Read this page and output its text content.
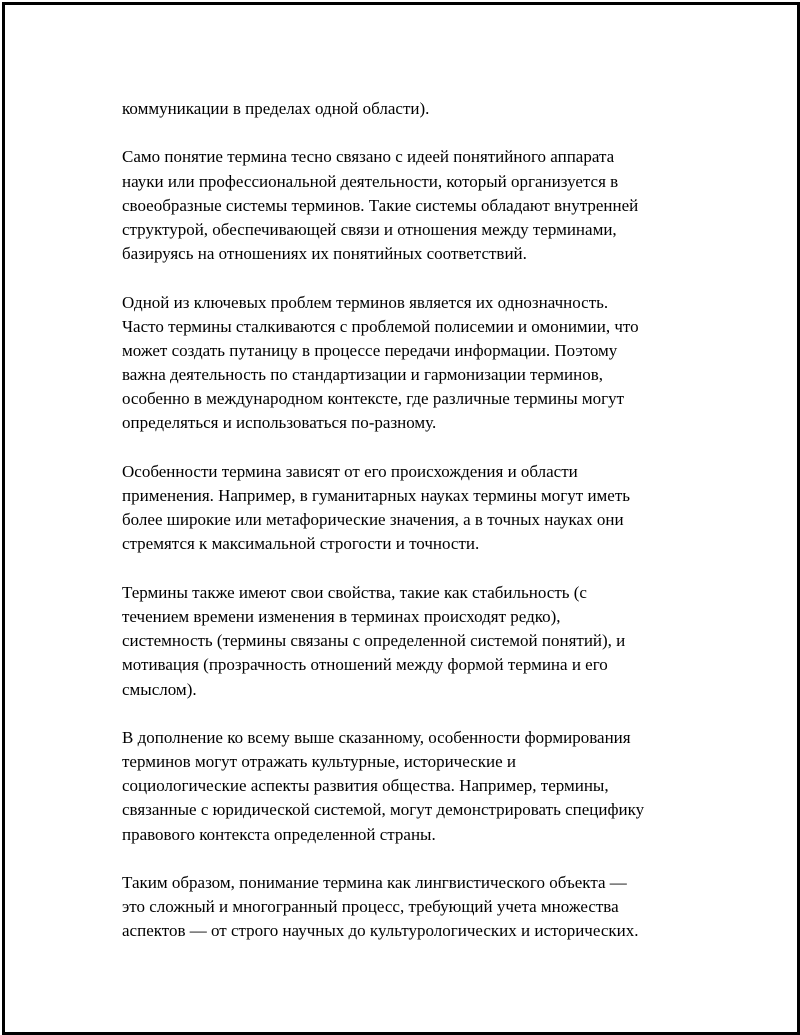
коммуникации в пределах одной области).
Само понятие термина тесно связано с идеей понятийного аппарата
науки или профессиональной деятельности, который организуется в
своеобразные системы терминов. Такие системы обладают внутренней
структурой, обеспечивающей связи и отношения между терминами,
базируясь на отношениях их понятийных соответствий.
Одной из ключевых проблем терминов является их однозначность.
Часто термины сталкиваются с проблемой полисемии и омонимии, что
может создать путаницу в процессе передачи информации. Поэтому
важна деятельность по стандартизации и гармонизации терминов,
особенно в международном контексте, где различные термины могут
определяться и использоваться по-разному.
Особенности термина зависят от его происхождения и области
применения. Например, в гуманитарных науках термины могут иметь
более широкие или метафорические значения, а в точных науках они
стремятся к максимальной строгости и точности.
Термины также имеют свои свойства, такие как стабильность (с
течением времени изменения в терминах происходят редко),
системность (термины связаны с определенной системой понятий), и
мотивация (прозрачность отношений между формой термина и его
смыслом).
В дополнение ко всему выше сказанному, особенности формирования
терминов могут отражать культурные, исторические и
социологические аспекты развития общества. Например, термины,
связанные с юридической системой, могут демонстрировать специфику
правового контекста определенной страны.
Таким образом, понимание термина как лингвистического объекта —
это сложный и многогранный процесс, требующий учета множества
аспектов — от строго научных до культурологических и исторических.
